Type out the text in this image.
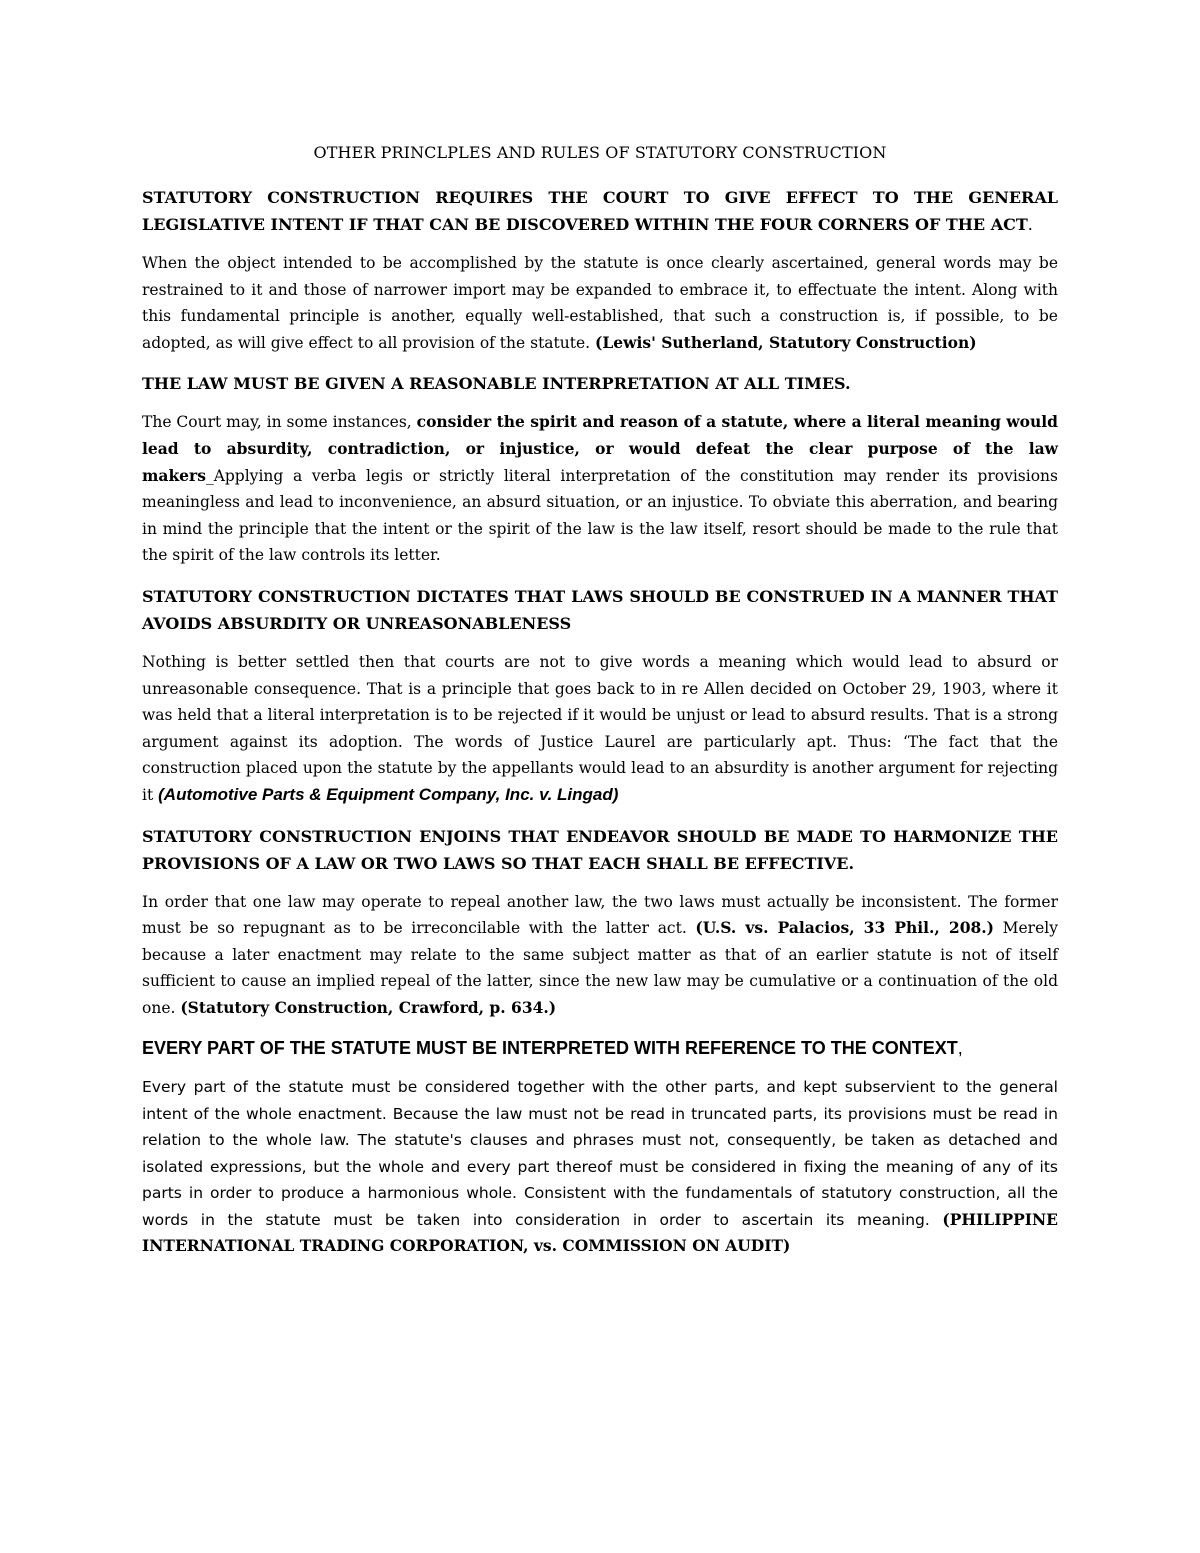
OTHER PRINCLPLES AND RULES OF STATUTORY CONSTRUCTION
STATUTORY CONSTRUCTION REQUIRES THE COURT TO GIVE EFFECT TO THE GENERAL LEGISLATIVE INTENT IF THAT CAN BE DISCOVERED WITHIN THE FOUR CORNERS OF THE ACT.

When the object intended to be accomplished by the statute is once clearly ascertained, general words may be restrained to it and those of narrower import may be expanded to embrace it, to effectuate the intent. Along with this fundamental principle is another, equally well-established, that such a construction is, if possible, to be adopted, as will give effect to all provision of the statute. (Lewis' Sutherland, Statutory Construction)

THE LAW MUST BE GIVEN A REASONABLE INTERPRETATION AT ALL TIMES.

The Court may, in some instances, consider the spirit and reason of a statute, where a literal meaning would lead to absurdity, contradiction, or injustice, or would defeat the clear purpose of the law makers_Applying a verba legis or strictly literal interpretation of the constitution may render its provisions meaningless and lead to inconvenience, an absurd situation, or an injustice. To obviate this aberration, and bearing in mind the principle that the intent or the spirit of the law is the law itself, resort should be made to the rule that the spirit of the law controls its letter.

STATUTORY CONSTRUCTION DICTATES THAT LAWS SHOULD BE CONSTRUED IN A MANNER THAT AVOIDS ABSURDITY OR UNREASONABLENESS

Nothing is better settled then that courts are not to give words a meaning which would lead to absurd or unreasonable consequence. That is a principle that goes back to in re Allen decided on October 29, 1903, where it was held that a literal interpretation is to be rejected if it would be unjust or lead to absurd results. That is a strong argument against its adoption. The words of Justice Laurel are particularly apt. Thus: ‘The fact that the construction placed upon the statute by the appellants would lead to an absurdity is another argument for rejecting it (Automotive Parts & Equipment Company, Inc. v. Lingad)

STATUTORY CONSTRUCTION ENJOINS THAT ENDEAVOR SHOULD BE MADE TO HARMONIZE THE PROVISIONS OF A LAW OR TWO LAWS SO THAT EACH SHALL BE EFFECTIVE.

In order that one law may operate to repeal another law, the two laws must actually be inconsistent. The former must be so repugnant as to be irreconcilable with the latter act. (U.S. vs. Palacios, 33 Phil., 208.) Merely because a later enactment may relate to the same subject matter as that of an earlier statute is not of itself sufficient to cause an implied repeal of the latter, since the new law may be cumulative or a continuation of the old one. (Statutory Construction, Crawford, p. 634.)

EVERY PART OF THE STATUTE MUST BE INTERPRETED WITH REFERENCE TO THE CONTEXT,

Every part of the statute must be considered together with the other parts, and kept subservient to the general intent of the whole enactment. Because the law must not be read in truncated parts, its provisions must be read in relation to the whole law. The statute's clauses and phrases must not, consequently, be taken as detached and isolated expressions, but the whole and every part thereof must be considered in fixing the meaning of any of its parts in order to produce a harmonious whole. Consistent with the fundamentals of statutory construction, all the words in the statute must be taken into consideration in order to ascertain its meaning. (PHILIPPINE INTERNATIONAL TRADING CORPORATION, vs. COMMISSION ON AUDIT)
